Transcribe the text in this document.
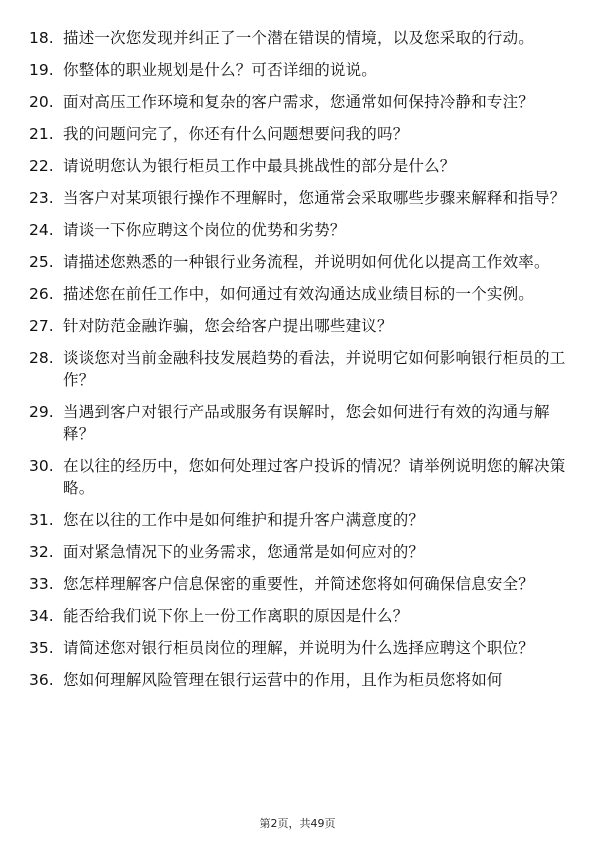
18. 描述一次您发现并纠正了一个潜在错误的情境，以及您采取的行动。
19. 你整体的职业规划是什么？可否详细的说说。
20. 面对高压工作环境和复杂的客户需求，您通常如何保持冷静和专注？
21. 我的问题问完了，你还有什么问题想要问我的吗？
22. 请说明您认为银行柜员工作中最具挑战性的部分是什么？
23. 当客户对某项银行操作不理解时，您通常会采取哪些步骤来解释和指导？
24. 请谈一下你应聘这个岗位的优势和劣势？
25. 请描述您熟悉的一种银行业务流程，并说明如何优化以提高工作效率。
26. 描述您在前任工作中，如何通过有效沟通达成业绩目标的一个实例。
27. 针对防范金融诈骗，您会给客户提出哪些建议？
28. 谈谈您对当前金融科技发展趋势的看法，并说明它如何影响银行柜员的工作？
29. 当遇到客户对银行产品或服务有误解时，您会如何进行有效的沟通与解释？
30. 在以往的经历中，您如何处理过客户投诉的情况？请举例说明您的解决策略。
31. 您在以往的工作中是如何维护和提升客户满意度的？
32. 面对紧急情况下的业务需求，您通常是如何应对的？
33. 您怎样理解客户信息保密的重要性，并简述您将如何确保信息安全？
34. 能否给我们说下你上一份工作离职的原因是什么？
35. 请简述您对银行柜员岗位的理解，并说明为什么选择应聘这个职位？
36. 您如何理解风险管理在银行运营中的作用，且作为柜员您将如何
第2页，共49页
